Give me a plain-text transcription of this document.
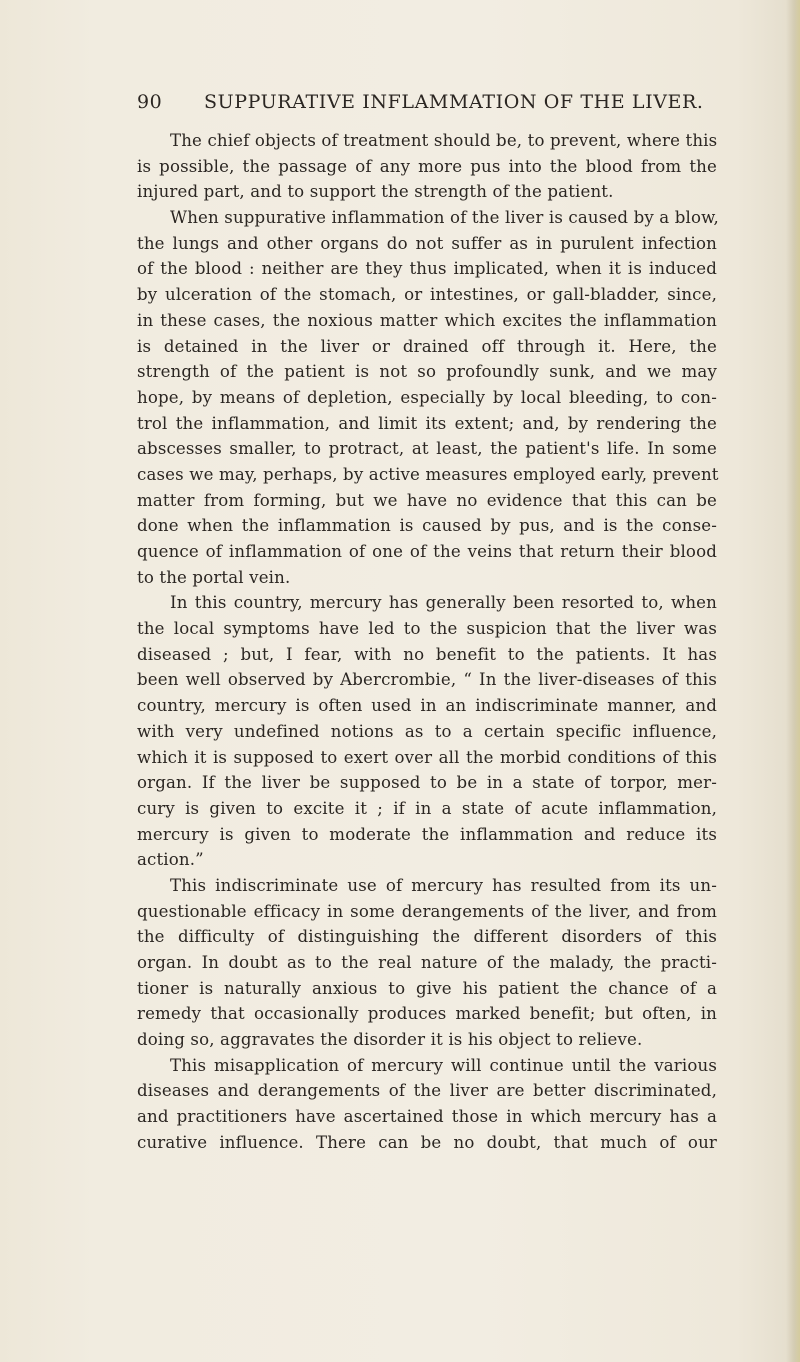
90 SUPPURATIVE INFLAMMATION OF THE LIVER.
The chief objects of treatment should be, to prevent, where this
is possible, the passage of any more pus into the blood from the
injured part, and to support the strength of the patient.
When suppurative inflammation of the liver is caused by a blow,
the lungs and other organs do not suffer as in purulent infection
of the blood : neither are they thus implicated, when it is induced
by ulceration of the stomach, or intestines, or gall-bladder, since,
in these cases, the noxious matter which excites the inflammation
is detained in the liver or drained off through it. Here, the
strength of the patient is not so profoundly sunk, and we may
hope, by means of depletion, especially by local bleeding, to con-
trol the inflammation, and limit its extent; and, by rendering the
abscesses smaller, to protract, at least, the patient's life. In some
cases we may, perhaps, by active measures employed early, prevent
matter from forming, but we have no evidence that this can be
done when the inflammation is caused by pus, and is the conse-
quence of inflammation of one of the veins that return their blood
to the portal vein.
In this country, mercury has generally been resorted to, when
the local symptoms have led to the suspicion that the liver was
diseased ; but, I fear, with no benefit to the patients. It has
been well observed by Abercrombie, “ In the liver-diseases of this
country, mercury is often used in an indiscriminate manner, and
with very undefined notions as to a certain specific influence,
which it is supposed to exert over all the morbid conditions of this
organ. If the liver be supposed to be in a state of torpor, mer-
cury is given to excite it ; if in a state of acute inflammation,
mercury is given to moderate the inflammation and reduce its
action.”
This indiscriminate use of mercury has resulted from its un-
questionable efficacy in some derangements of the liver, and from
the difficulty of distinguishing the different disorders of this
organ. In doubt as to the real nature of the malady, the practi-
tioner is naturally anxious to give his patient the chance of a
remedy that occasionally produces marked benefit; but often, in
doing so, aggravates the disorder it is his object to relieve.
This misapplication of mercury will continue until the various
diseases and derangements of the liver are better discriminated,
and practitioners have ascertained those in which mercury has a
curative influence. There can be no doubt, that much of our
